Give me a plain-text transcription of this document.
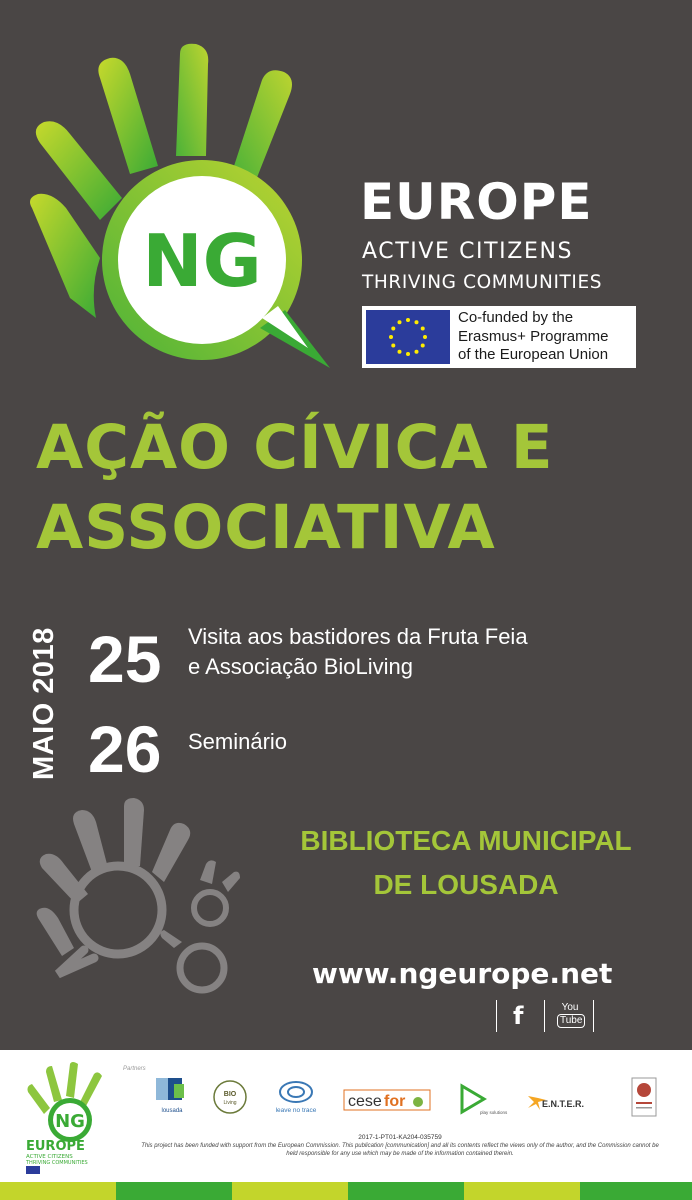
NG
EUROPE
ACTIVE CITIZENS
THRIVING COMMUNITIES
Co-funded by the
Erasmus+ Programme
of the European Union
AÇÃO CÍVICA E
ASSOCIATIVA
MAIO 2018 25 Visita aos bastidores da Fruta Feia
e Associação BioLiving
26 Seminário
BIBLIOTECA MUNICIPAL
DE LOUSADA
www.ngeurope.net
f	You
Tube
NG
EUROPE
ACTIVE CITIZENS
THRIVING COMMUNITIES
Partners
lousada
BIO
Living
leave no trace
cese for
play solutions
E.N.T.E.R.
2017-1-PT01-KA204-035759
This project has been funded with support from the European Commission. This publication [communication] and all its contents reflect the views only of the author, and the Commission cannot be held responsible for any use which may be made of the information contained therein.
